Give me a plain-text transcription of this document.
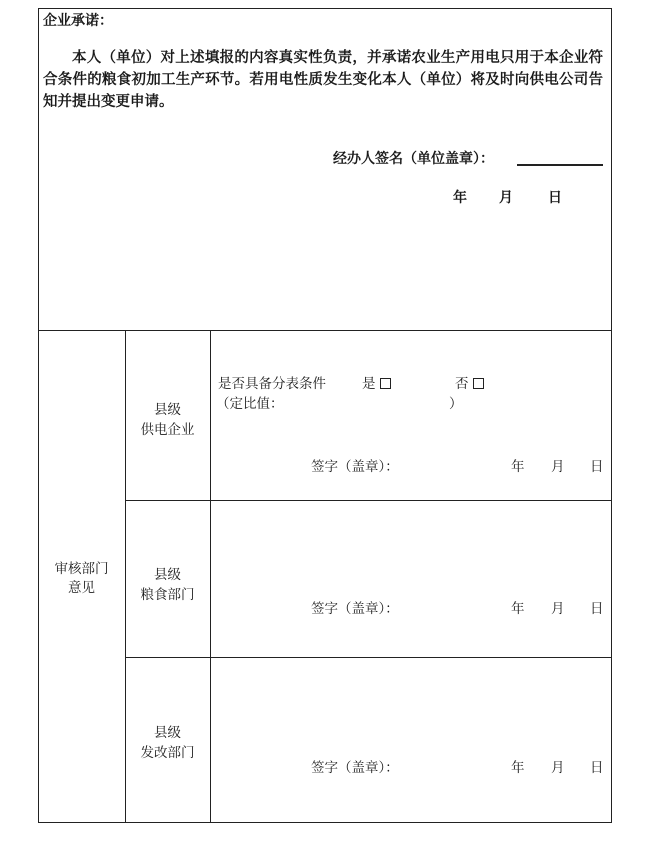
企业承诺：
本人（单位）对上述填报的内容真实性负责，并承诺农业生产用电只用于本企业符合条件的粮食初加工生产环节。若用电性质发生变化本人（单位）将及时向供电公司告知并提出变更申请。
经办人签名（单位盖章）：
年 月	日
审核部门
意见
县级
供电企业
是否具备分表条件	是	否
（定比值：	）
签字（盖章）：	年 月 日
县级
粮食部门
签字（盖章）：	年 月 日
县级
发改部门
签字（盖章）：	年 月 日
